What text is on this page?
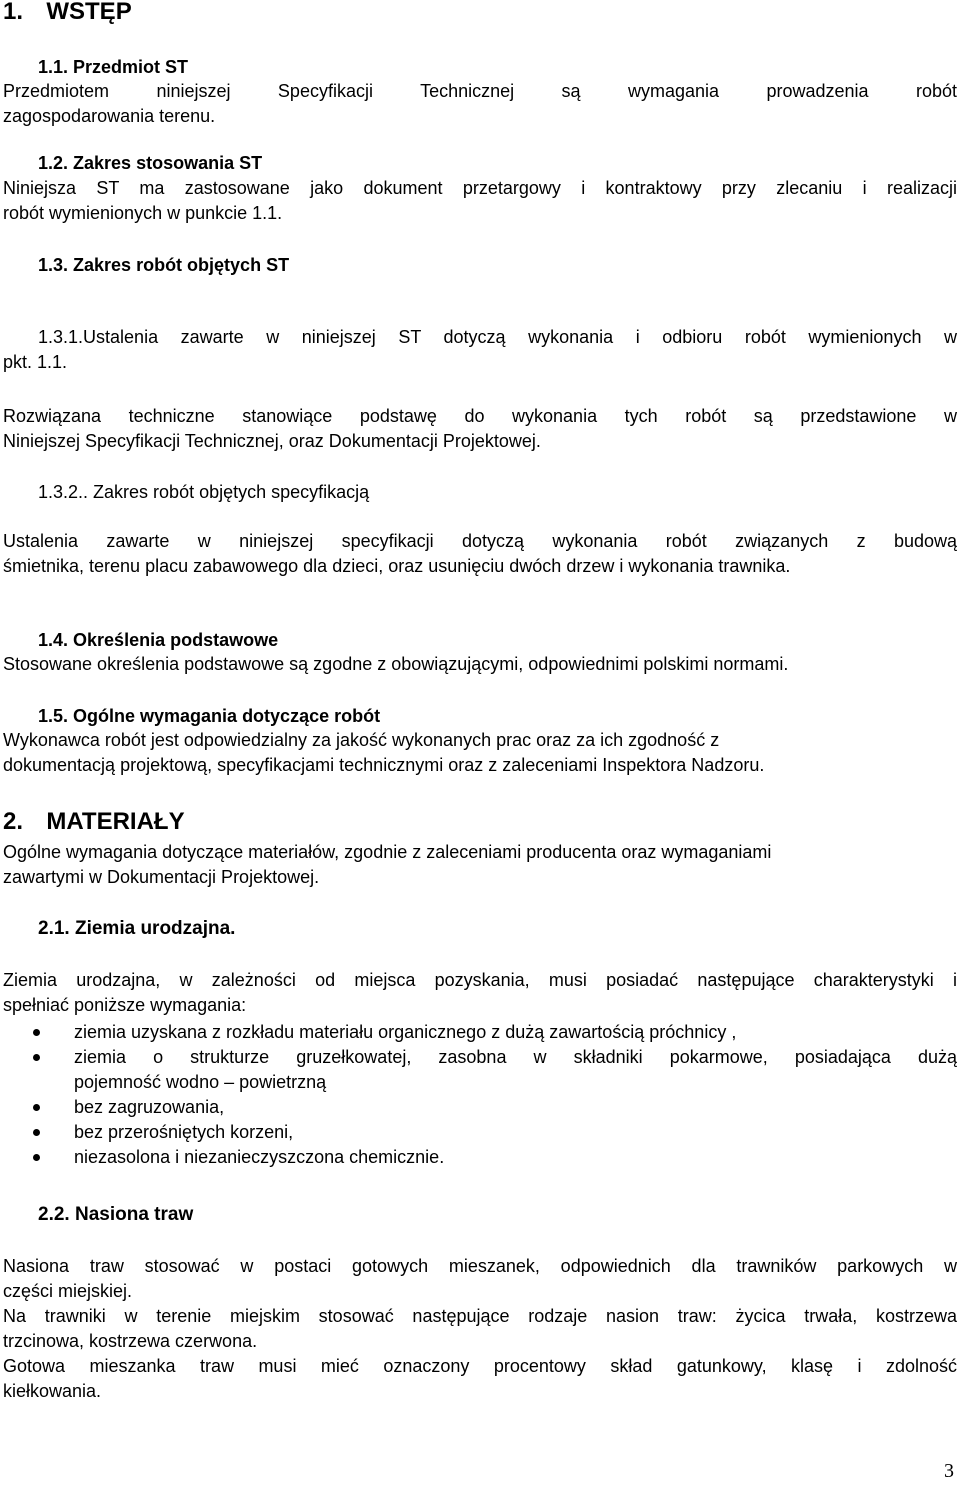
1. WSTĘP
1.1. Przedmiot ST
Przedmiotem niniejszej Specyfikacji Technicznej są wymagania prowadzenia robót
zagospodarowania terenu.
1.2. Zakres stosowania ST
Niniejsza ST ma zastosowane jako dokument przetargowy i kontraktowy przy zlecaniu i realizacji
robót wymienionych w punkcie 1.1.
1.3. Zakres robót objętych ST
1.3.1.Ustalenia zawarte w niniejszej ST dotyczą wykonania i odbioru robót wymienionych w
pkt. 1.1.
Rozwiązana techniczne stanowiące podstawę do wykonania tych robót są przedstawione w
Niniejszej Specyfikacji Technicznej, oraz Dokumentacji Projektowej.
1.3.2.. Zakres robót objętych specyfikacją
Ustalenia zawarte w niniejszej specyfikacji dotyczą wykonania robót związanych z budową
śmietnika, terenu placu zabawowego dla dzieci, oraz usunięciu dwóch drzew i wykonania trawnika.
1.4. Określenia podstawowe
Stosowane określenia podstawowe są zgodne z obowiązującymi, odpowiednimi polskimi normami.
1.5. Ogólne wymagania dotyczące robót
Wykonawca robót jest odpowiedzialny za jakość wykonanych prac oraz za ich zgodność z
dokumentacją projektową, specyfikacjami technicznymi oraz z zaleceniami Inspektora Nadzoru.
2. MATERIAŁY
Ogólne wymagania dotyczące materiałów, zgodnie z zaleceniami producenta oraz wymaganiami
zawartymi w Dokumentacji Projektowej.
2.1. Ziemia urodzajna.
Ziemia urodzajna, w zależności od miejsca pozyskania, musi posiadać następujące charakterystyki i
spełniać poniższe wymagania:
ziemia uzyskana z rozkładu materiału organicznego z dużą zawartością próchnicy ,
ziemia o strukturze gruzełkowatej, zasobna w składniki pokarmowe, posiadająca dużą
pojemność wodno – powietrzną
bez zagruzowania,
bez przerośniętych korzeni,
niezasolona i niezanieczyszczona chemicznie.
2.2. Nasiona traw
Nasiona traw stosować w postaci gotowych mieszanek, odpowiednich dla trawników parkowych w
części miejskiej.
Na trawniki w terenie miejskim stosować następujące rodzaje nasion traw: życica trwała, kostrzewa
trzcinowa, kostrzewa czerwona.
Gotowa mieszanka traw musi mieć oznaczony procentowy skład gatunkowy, klasę i zdolność
kiełkowania.
3
